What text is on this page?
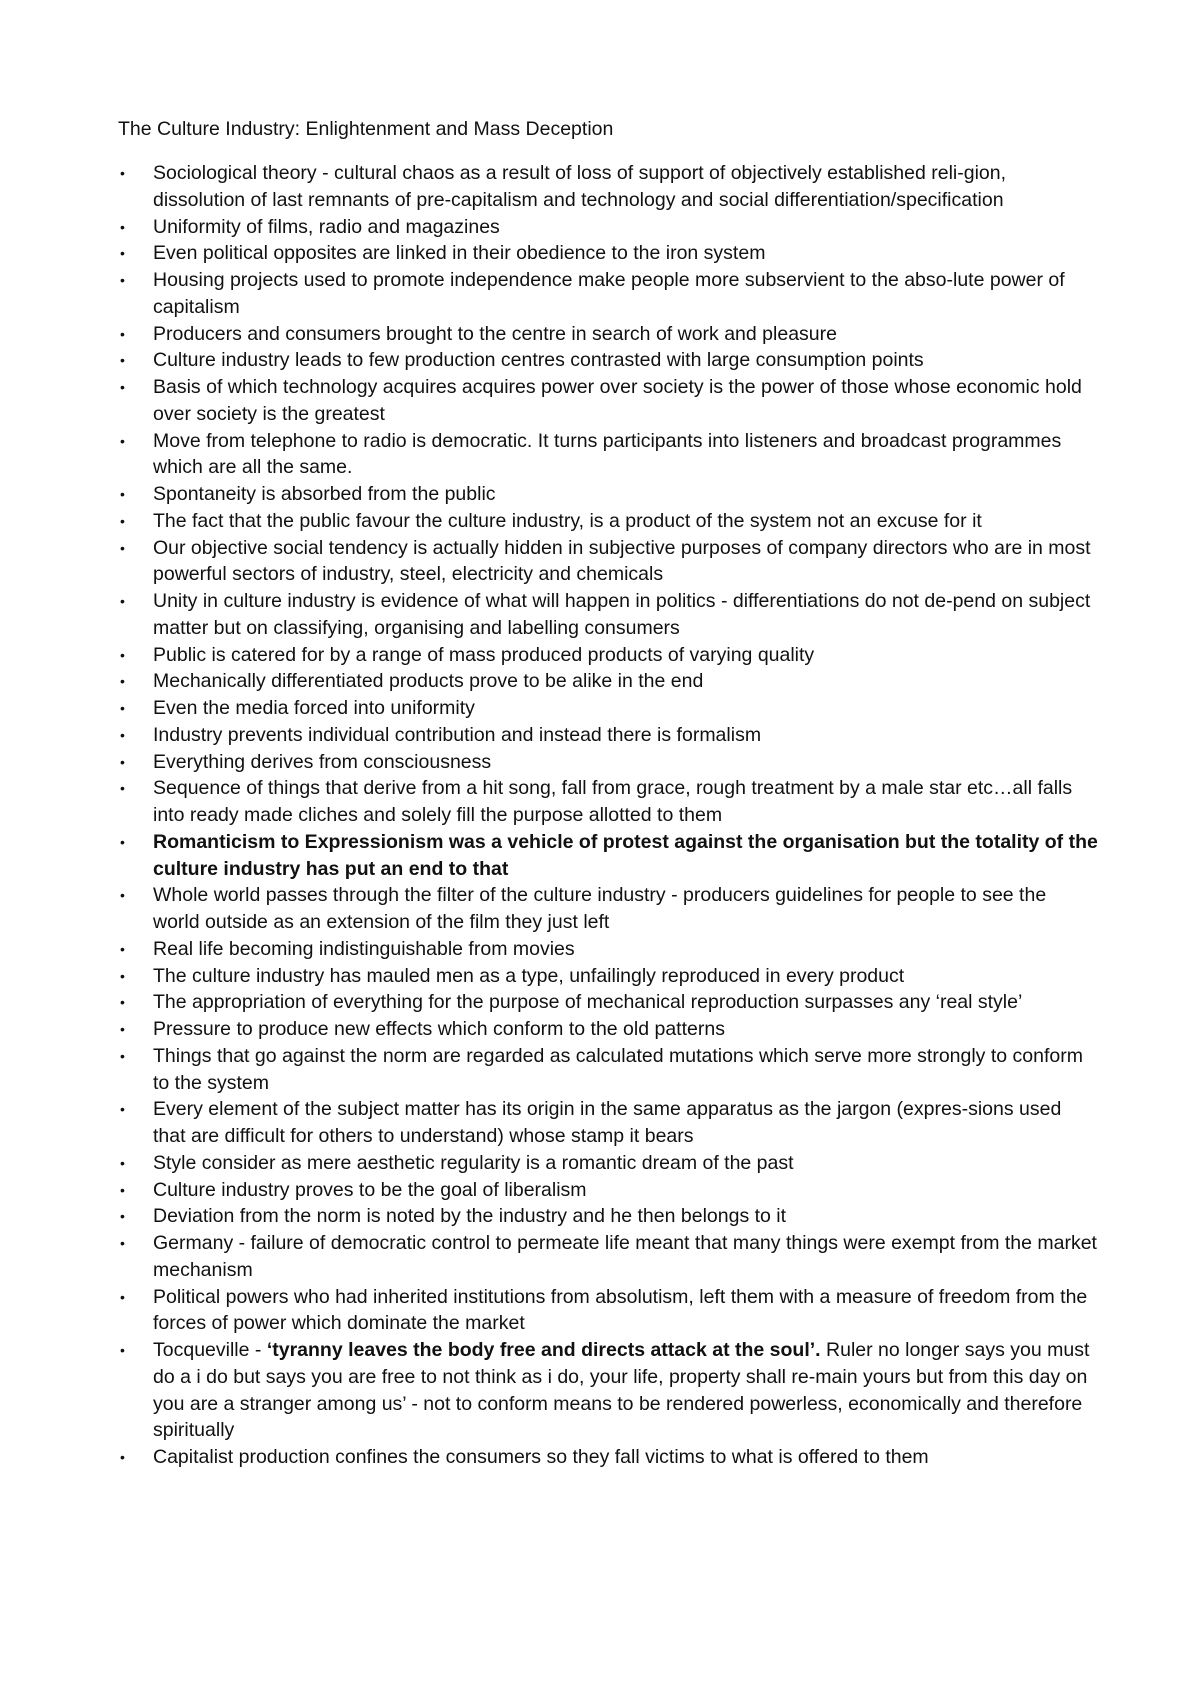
The Culture Industry: Enlightenment and Mass Deception
• Sociological theory - cultural chaos as a result of loss of support of objectively established reli-gion, dissolution of last remnants of pre-capitalism and technology and social differentiation/specification
• Uniformity of films, radio and magazines
• Even political opposites are linked in their obedience to the iron system
• Housing projects used to promote independence make people more subservient to the abso-lute power of capitalism
• Producers and consumers brought to the centre in search of work and pleasure
• Culture industry leads to few production centres contrasted with large consumption points
• Basis of which technology acquires acquires power over society is the power of those whose economic hold over society is the greatest
• Move from telephone to radio is democratic. It turns participants into listeners and broadcast programmes which are all the same.
• Spontaneity is absorbed from the public
• The fact that the public favour the culture industry, is a product of the system not an excuse for it
• Our objective social tendency is actually hidden in subjective purposes of company directors who are in most powerful sectors of industry, steel, electricity and chemicals
• Unity in culture industry is evidence of what will happen in politics - differentiations do not de-pend on subject matter but on classifying, organising and labelling consumers
• Public is catered for by a range of mass produced products of varying quality
• Mechanically differentiated products prove to be alike in the end
• Even the media forced into uniformity
• Industry prevents individual contribution and instead there is formalism
• Everything derives from consciousness
• Sequence of things that derive from a hit song, fall from grace, rough treatment by a male star etc…all falls into ready made cliches and solely fill the purpose allotted to them
• Romanticism to Expressionism was a vehicle of protest against the organisation but the totality of the culture industry has put an end to that
• Whole world passes through the filter of the culture industry - producers guidelines for people to see the world outside as an extension of the film they just left
• Real life becoming indistinguishable from movies
• The culture industry has mauled men as a type, unfailingly reproduced in every product
• The appropriation of everything for the purpose of mechanical reproduction surpasses any ‘real style’
• Pressure to produce new effects which conform to the old patterns
• Things that go against the norm are regarded as calculated mutations which serve more strongly to conform to the system
• Every element of the subject matter has its origin in the same apparatus as the jargon (expres-sions used that are difficult for others to understand) whose stamp it bears
• Style consider as mere aesthetic regularity is a romantic dream of the past
• Culture industry proves to be the goal of liberalism
• Deviation from the norm is noted by the industry and he then belongs to it
• Germany - failure of democratic control to permeate life meant that many things were exempt from the market mechanism
• Political powers who had inherited institutions from absolutism, left them with a measure of freedom from the forces of power which dominate the market
• Tocqueville - ‘tyranny leaves the body free and directs attack at the soul’. Ruler no longer says you must do a i do but says you are free to not think as i do, your life, property shall re-main yours but from this day on you are a stranger among us’ - not to conform means to be rendered powerless, economically and therefore spiritually
• Capitalist production confines the consumers so they fall victims to what is offered to them
